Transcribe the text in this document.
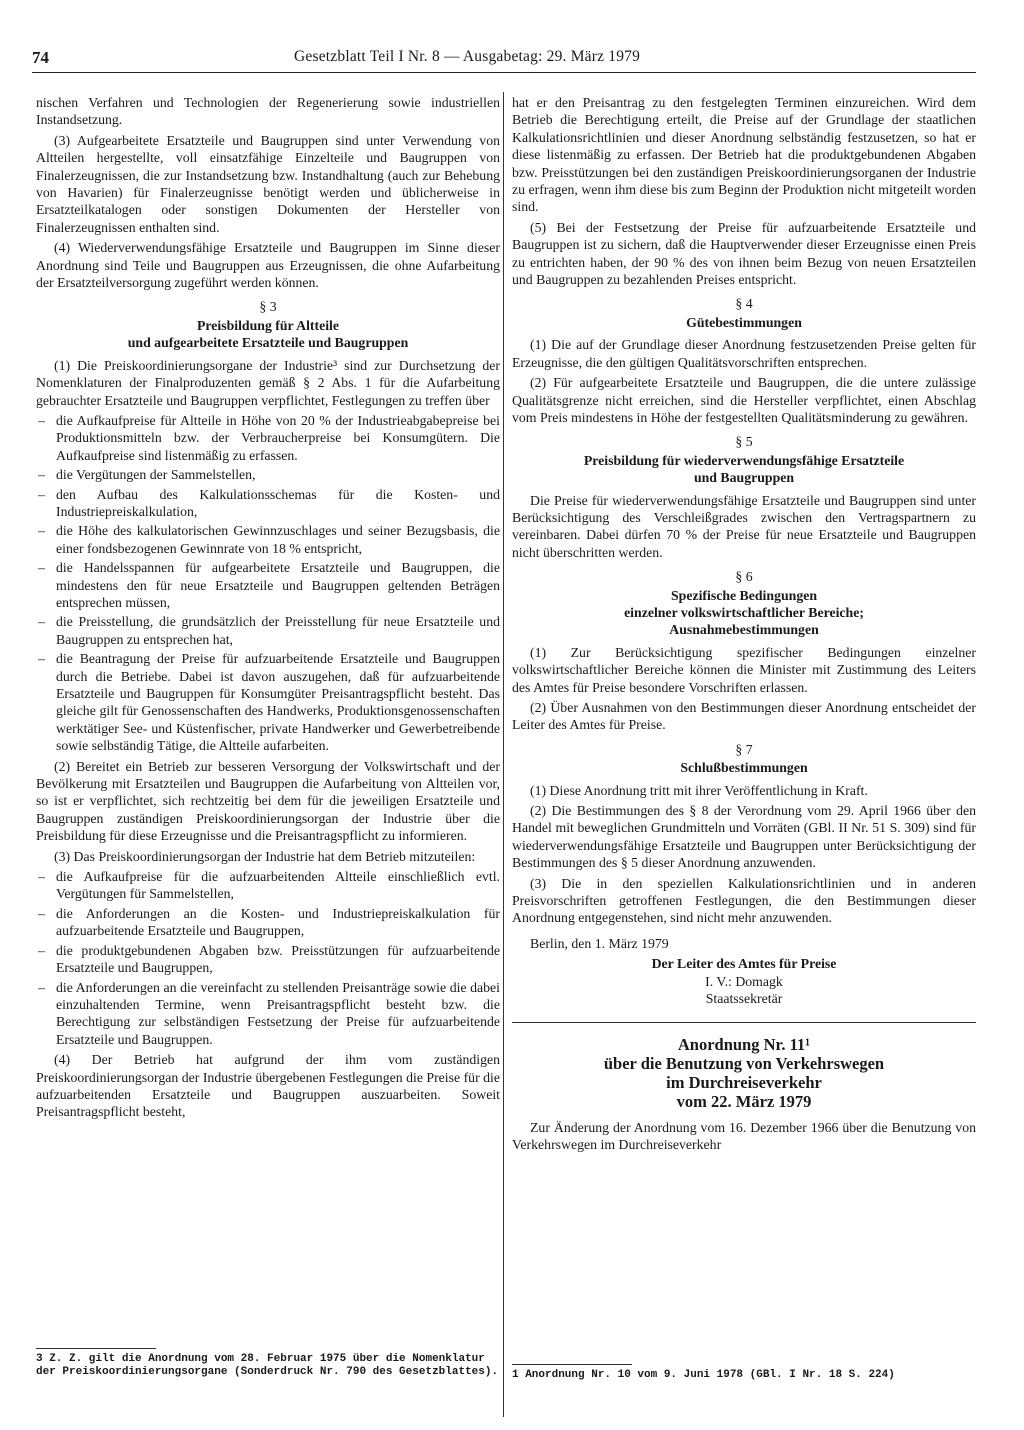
74	Gesetzblatt Teil I Nr. 8 — Ausgabetag: 29. März 1979

nischen Verfahren und Technologien der Regenerierung sowie industriellen Instandsetzung.

(3) Aufgearbeitete Ersatzteile und Baugruppen sind unter Verwendung von Altteilen hergestellte, voll einsatzfähige Einzelteile und Baugruppen von Finalerzeugnissen, die zur Instandsetzung bzw. Instandhaltung (auch zur Behebung von Havarien) für Finalerzeugnisse benötigt werden und üblicherweise in Ersatzteilkatalogen oder sonstigen Dokumenten der Hersteller von Finalerzeugnissen enthalten sind.

(4) Wiederverwendungsfähige Ersatzteile und Baugruppen im Sinne dieser Anordnung sind Teile und Baugruppen aus Erzeugnissen, die ohne Aufarbeitung der Ersatzteilversorgung zugeführt werden können.

§ 3
Preisbildung für Altteile
und aufgearbeitete Ersatzteile und Baugruppen

(1) Die Preiskoordinierungsorgane der Industrie³ sind zur Durchsetzung der Nomenklaturen der Finalproduzenten gemäß § 2 Abs. 1 für die Aufarbeitung gebrauchter Ersatzteile und Baugruppen verpflichtet, Festlegungen zu treffen über

– die Aufkaufpreise für Altteile in Höhe von 20 % der Industrieabgabepreise bei Produktionsmitteln bzw. der Verbraucherpreise bei Konsumgütern. Die Aufkaufpreise sind listenmäßig zu erfassen.
– die Vergütungen der Sammelstellen,
– den Aufbau des Kalkulationsschemas für die Kosten- und Industriepreiskalkulation,
– die Höhe des kalkulatorischen Gewinnzuschlages und seiner Bezugsbasis, die einer fondsbezogenen Gewinnrate von 18 % entspricht,
– die Handelsspannen für aufgearbeitete Ersatzteile und Baugruppen, die mindestens den für neue Ersatzteile und Baugruppen geltenden Beträgen entsprechen müssen,
– die Preisstellung, die grundsätzlich der Preisstellung für neue Ersatzteile und Baugruppen zu entsprechen hat,
– die Beantragung der Preise für aufzuarbeitende Ersatzteile und Baugruppen durch die Betriebe. Dabei ist davon auszugehen, daß für aufzuarbeitende Ersatzteile und Baugruppen für Konsumgüter Preisantragspflicht besteht. Das gleiche gilt für Genossenschaften des Handwerks, Produktionsgenossenschaften werktätiger See- und Küstenfischer, private Handwerker und Gewerbetreibende sowie selbständig Tätige, die Altteile aufarbeiten.

(2) Bereitet ein Betrieb zur besseren Versorgung der Volkswirtschaft und der Bevölkerung mit Ersatzteilen und Baugruppen die Aufarbeitung von Altteilen vor, so ist er verpflichtet, sich rechtzeitig bei dem für die jeweiligen Ersatzteile und Baugruppen zuständigen Preiskoordinierungsorgan der Industrie über die Preisbildung für diese Erzeugnisse und die Preisantragspflicht zu informieren.

(3) Das Preiskoordinierungsorgan der Industrie hat dem Betrieb mitzuteilen:

– die Aufkaufpreise für die aufzuarbeitenden Altteile einschließlich evtl. Vergütungen für Sammelstellen,
– die Anforderungen an die Kosten- und Industriepreiskalkulation für aufzuarbeitende Ersatzteile und Baugruppen,
– die produktgebundenen Abgaben bzw. Preisstützungen für aufzuarbeitende Ersatzteile und Baugruppen,
– die Anforderungen an die vereinfacht zu stellenden Preisanträge sowie die dabei einzuhaltenden Termine, wenn Preisantragspflicht besteht bzw. die Berechtigung zur selbständigen Festsetzung der Preise für aufzuarbeitende Ersatzteile und Baugruppen.

(4) Der Betrieb hat aufgrund der ihm vom zuständigen Preiskoordinierungsorgan der Industrie übergebenen Festlegungen die Preise für die aufzuarbeitenden Ersatzteile und Baugruppen auszuarbeiten. Soweit Preisantragspflicht besteht,

3 Z. Z. gilt die Anordnung vom 28. Februar 1975 über die Nomenklatur der Preiskoordinierungsorgane (Sonderdruck Nr. 790 des Gesetzblattes).

hat er den Preisantrag zu den festgelegten Terminen einzureichen. Wird dem Betrieb die Berechtigung erteilt, die Preise auf der Grundlage der staatlichen Kalkulationsrichtlinien und dieser Anordnung selbständig festzusetzen, so hat er diese listenmäßig zu erfassen. Der Betrieb hat die produktgebundenen Abgaben bzw. Preisstützungen bei den zuständigen Preiskoordinierungsorganen der Industrie zu erfragen, wenn ihm diese bis zum Beginn der Produktion nicht mitgeteilt worden sind.

(5) Bei der Festsetzung der Preise für aufzuarbeitende Ersatzteile und Baugruppen ist zu sichern, daß die Hauptverwender dieser Erzeugnisse einen Preis zu entrichten haben, der 90 % des von ihnen beim Bezug von neuen Ersatzteilen und Baugruppen zu bezahlenden Preises entspricht.

§ 4
Gütebestimmungen

(1) Die auf der Grundlage dieser Anordnung festzusetzenden Preise gelten für Erzeugnisse, die den gültigen Qualitätsvorschriften entsprechen.

(2) Für aufgearbeitete Ersatzteile und Baugruppen, die die untere zulässige Qualitätsgrenze nicht erreichen, sind die Hersteller verpflichtet, einen Abschlag vom Preis mindestens in Höhe der festgestellten Qualitätsminderung zu gewähren.

§ 5
Preisbildung für wiederverwendungsfähige Ersatzteile
und Baugruppen

Die Preise für wiederverwendungsfähige Ersatzteile und Baugruppen sind unter Berücksichtigung des Verschleißgrades zwischen den Vertragspartnern zu vereinbaren. Dabei dürfen 70 % der Preise für neue Ersatzteile und Baugruppen nicht überschritten werden.

§ 6
Spezifische Bedingungen
einzelner volkswirtschaftlicher Bereiche;
Ausnahmebestimmungen

(1) Zur Berücksichtigung spezifischer Bedingungen einzelner volkswirtschaftlicher Bereiche können die Minister mit Zustimmung des Leiters des Amtes für Preise besondere Vorschriften erlassen.

(2) Über Ausnahmen von den Bestimmungen dieser Anordnung entscheidet der Leiter des Amtes für Preise.

§ 7
Schlußbestimmungen

(1) Diese Anordnung tritt mit ihrer Veröffentlichung in Kraft.

(2) Die Bestimmungen des § 8 der Verordnung vom 29. April 1966 über den Handel mit beweglichen Grundmitteln und Vorräten (GBl. II Nr. 51 S. 309) sind für wiederverwendungsfähige Ersatzteile und Baugruppen unter Berücksichtigung der Bestimmungen des § 5 dieser Anordnung anzuwenden.

(3) Die in den speziellen Kalkulationsrichtlinien und in anderen Preisvorschriften getroffenen Festlegungen, die den Bestimmungen dieser Anordnung entgegenstehen, sind nicht mehr anzuwenden.

Berlin, den 1. März 1979

Der Leiter des Amtes für Preise
I. V.: Domagk
Staatssekretär
Anordnung Nr. 11¹
über die Benutzung von Verkehrswegen
im Durchreiseverkehr
vom 22. März 1979

Zur Änderung der Anordnung vom 16. Dezember 1966 über die Benutzung von Verkehrswegen im Durchreiseverkehr

1 Anordnung Nr. 10 vom 9. Juni 1978 (GBl. I Nr. 18 S. 224)
